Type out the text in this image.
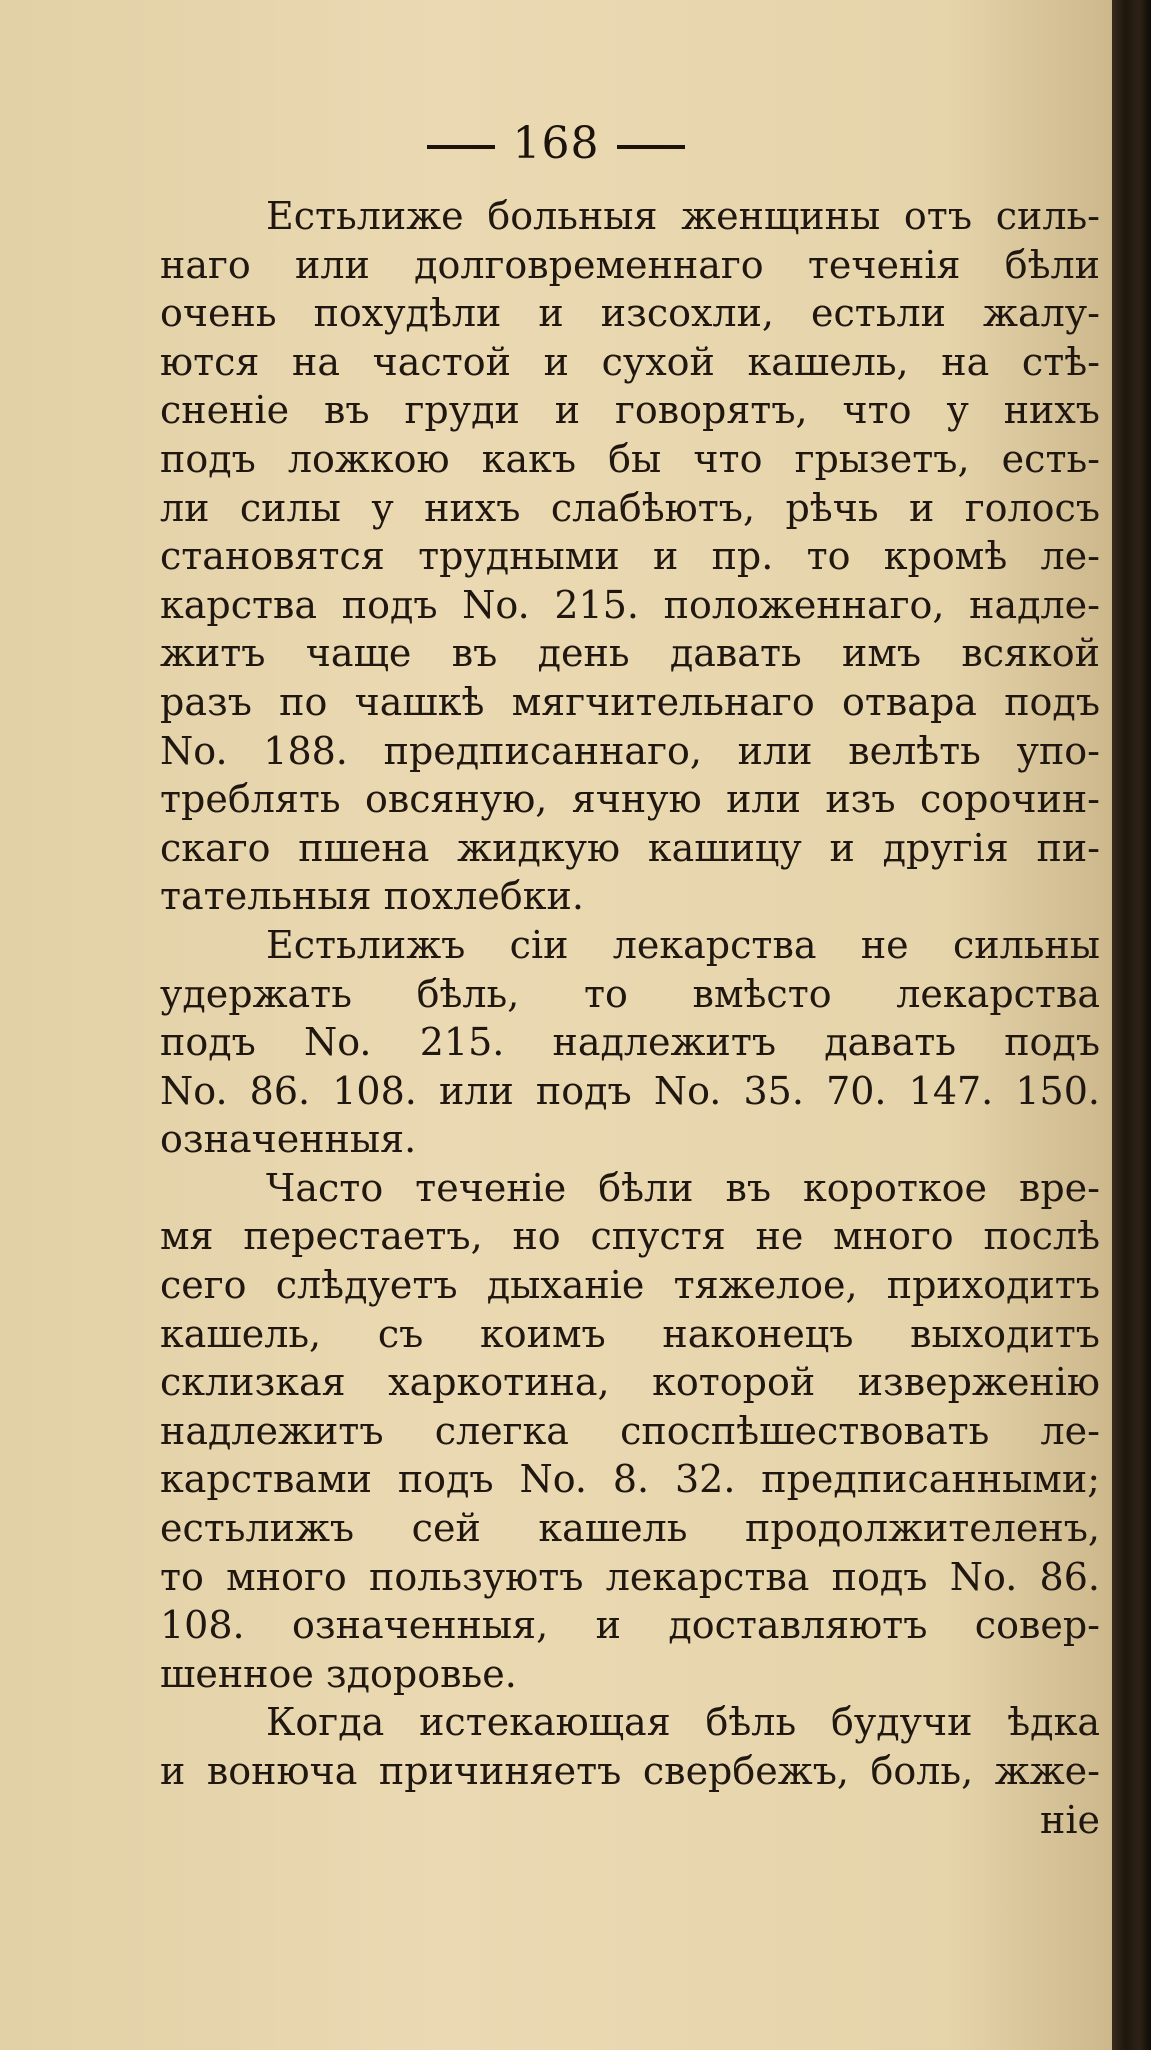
168
Естьлиже больныя женщины отъ силь-
наго или долговременнаго теченія бѣли
очень похудѣли и изсохли, естьли жалу-
ются на частой и сухой кашель, на стѣ-
сненіе въ груди и говорятъ, что у нихъ
подъ ложкою какъ бы что грызетъ, есть-
ли силы у нихъ слабѣютъ, рѣчь и голосъ
становятся трудными и пр. то кромѣ ле-
карства подъ No. 215. положеннаго, надле-
житъ чаще въ день давать имъ всякой
разъ по чашкѣ мягчительнаго отвара подъ
No. 188. предписаннаго, или велѣть упо-
треблять овсяную, ячную или изъ сорочин-
скаго пшена жидкую кашицу и другія пи-
тательныя похлебки.
Естьлижъ сіи лекарства не сильны
удержать бѣль, то вмѣсто лекарства
подъ No. 215. надлежитъ давать подъ
No. 86. 108. или подъ No. 35. 70. 147. 150.
означенныя.
Часто теченіе бѣли въ короткое вре-
мя перестаетъ, но спустя не много послѣ
сего слѣдуетъ дыханіе тяжелое, приходитъ
кашель, съ коимъ наконецъ выходитъ
склизкая харкотина, которой изверженію
надлежитъ слегка споспѣшествовать ле-
карствами подъ No. 8. 32. предписанными;
естьлижъ сей кашель продолжителенъ,
то много пользуютъ лекарства подъ No. 86.
108. означенныя, и доставляютъ совер-
шенное здоровье.
Когда истекающая бѣль будучи ѣдка
и вонюча причиняетъ свербежъ, боль, жже-
ніе
